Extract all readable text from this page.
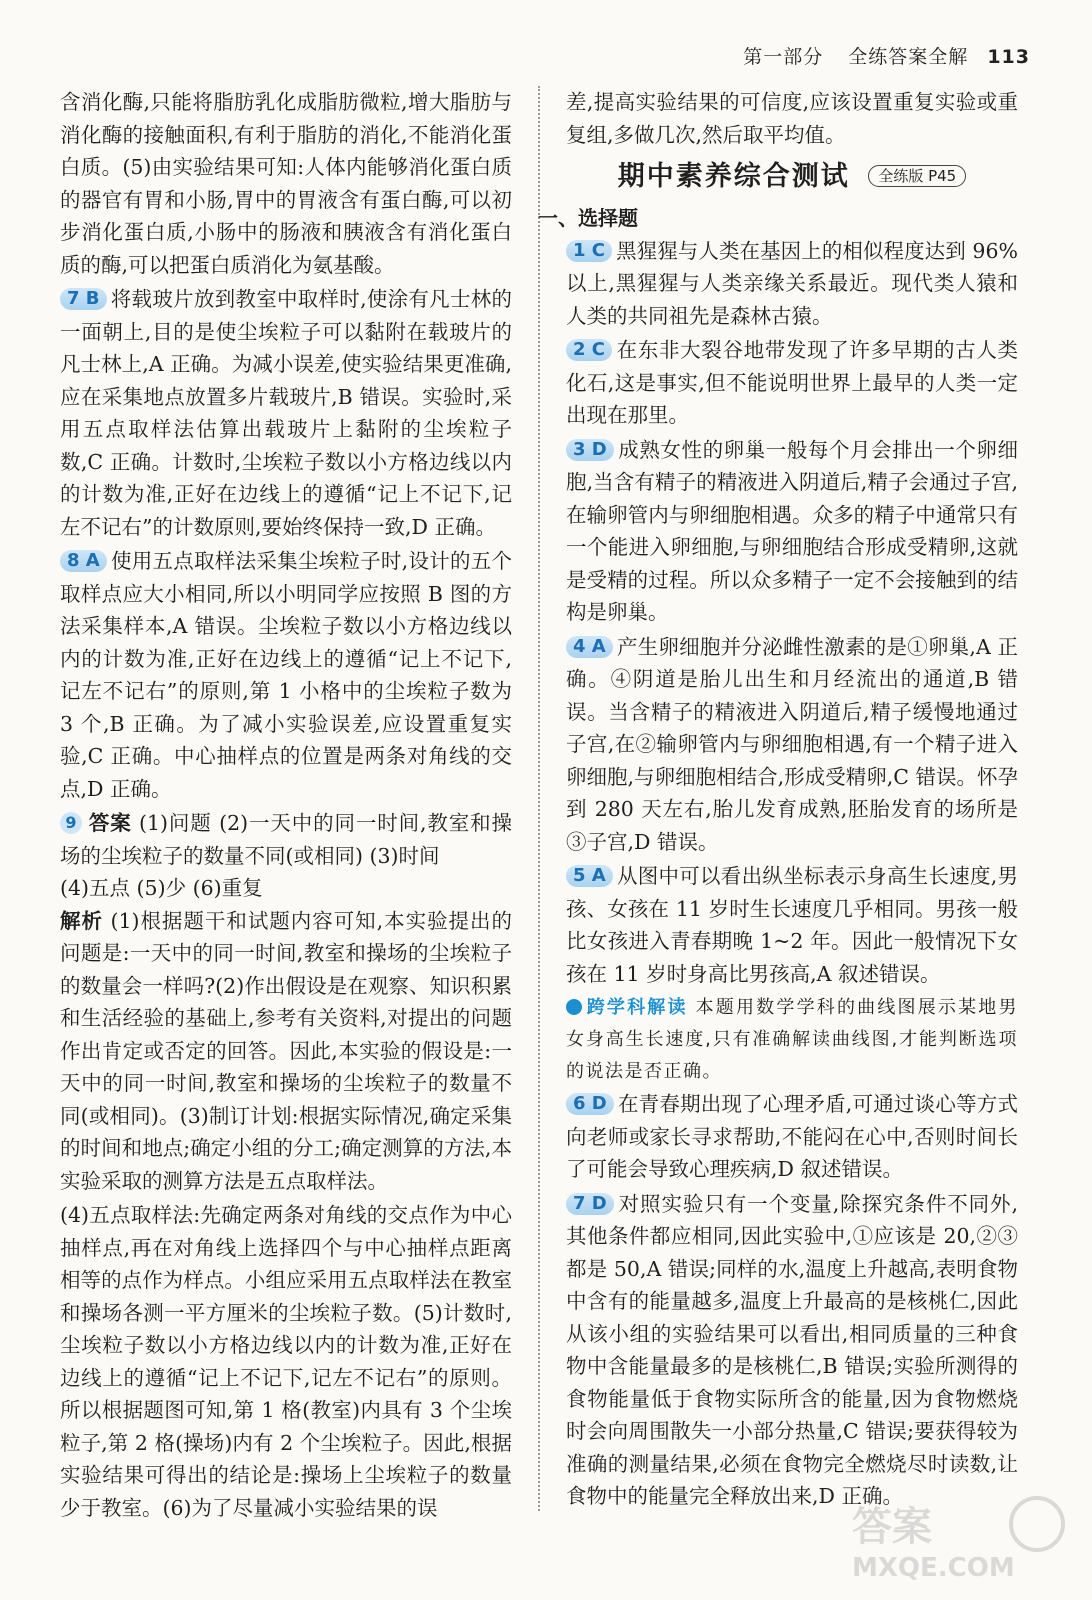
第一部分 全练答案全解 113

含消化酶,只能将脂肪乳化成脂肪微粒,增大脂肪与消化酶的接触面积,有利于脂肪的消化,不能消化蛋白质。(5)由实验结果可知:人体内能够消化蛋白质的器官有胃和小肠,胃中的胃液含有蛋白酶,可以初步消化蛋白质,小肠中的肠液和胰液含有消化蛋白质的酶,可以把蛋白质消化为氨基酸。

7 B 将载玻片放到教室中取样时,使涂有凡士林的一面朝上,目的是使尘埃粒子可以黏附在载玻片的凡士林上,A 正确。为减小误差,使实验结果更准确,应在采集地点放置多片载玻片,B 错误。实验时,采用五点取样法估算出载玻片上黏附的尘埃粒子数,C 正确。计数时,尘埃粒子数以小方格边线以内的计数为准,正好在边线上的遵循“记上不记下,记左不记右”的计数原则,要始终保持一致,D 正确。

8 A 使用五点取样法采集尘埃粒子时,设计的五个取样点应大小相同,所以小明同学应按照 B 图的方法采集样本,A 错误。尘埃粒子数以小方格边线以内的计数为准,正好在边线上的遵循“记上不记下,记左不记右”的原则,第 1 小格中的尘埃粒子数为 3 个,B 正确。为了减小实验误差,应设置重复实验,C 正确。中心抽样点的位置是两条对角线的交点,D 正确。

9 答案 (1)问题 (2)一天中的同一时间,教室和操场的尘埃粒子的数量不同(或相同) (3)时间
(4)五点 (5)少 (6)重复

解析 (1)根据题干和试题内容可知,本实验提出的问题是:一天中的同一时间,教室和操场的尘埃粒子的数量会一样吗?(2)作出假设是在观察、知识积累和生活经验的基础上,参考有关资料,对提出的问题作出肯定或否定的回答。因此,本实验的假设是:一天中的同一时间,教室和操场的尘埃粒子的数量不同(或相同)。(3)制订计划:根据实际情况,确定采集的时间和地点;确定小组的分工;确定测算的方法,本实验采取的测算方法是五点取样法。

(4)五点取样法:先确定两条对角线的交点作为中心抽样点,再在对角线上选择四个与中心抽样点距离相等的点作为样点。小组应采用五点取样法在教室和操场各测一平方厘米的尘埃粒子数。(5)计数时,尘埃粒子数以小方格边线以内的计数为准,正好在边线上的遵循“记上不记下,记左不记右”的原则。所以根据题图可知,第 1 格(教室)内具有 3 个尘埃粒子,第 2 格(操场)内有 2 个尘埃粒子。因此,根据实验结果可得出的结论是:操场上尘埃粒子的数量少于教室。(6)为了尽量减小实验结果的误

差,提高实验结果的可信度,应该设置重复实验或重复组,多做几次,然后取平均值。

期中素养综合测试 全练版 P45
一、选择题

1 C 黑猩猩与人类在基因上的相似程度达到 96%以上,黑猩猩与人类亲缘关系最近。现代类人猿和人类的共同祖先是森林古猿。

2 C 在东非大裂谷地带发现了许多早期的古人类化石,这是事实,但不能说明世界上最早的人类一定出现在那里。

3 D 成熟女性的卵巢一般每个月会排出一个卵细胞,当含有精子的精液进入阴道后,精子会通过子宫,在输卵管内与卵细胞相遇。众多的精子中通常只有一个能进入卵细胞,与卵细胞结合形成受精卵,这就是受精的过程。所以众多精子一定不会接触到的结构是卵巢。

4 A 产生卵细胞并分泌雌性激素的是①卵巢,A 正确。④阴道是胎儿出生和月经流出的通道,B 错误。当含精子的精液进入阴道后,精子缓慢地通过子宫,在②输卵管内与卵细胞相遇,有一个精子进入卵细胞,与卵细胞相结合,形成受精卵,C 错误。怀孕到 280 天左右,胎儿发育成熟,胚胎发育的场所是③子宫,D 错误。

5 A 从图中可以看出纵坐标表示身高生长速度,男孩、女孩在 11 岁时生长速度几乎相同。男孩一般比女孩进入青春期晚 1~2 年。因此一般情况下女孩在 11 岁时身高比男孩高,A 叙述错误。

跨学科解读 本题用数学学科的曲线图展示某地男女身高生长速度,只有准确解读曲线图,才能判断选项的说法是否正确。

6 D 在青春期出现了心理矛盾,可通过谈心等方式向老师或家长寻求帮助,不能闷在心中,否则时间长了可能会导致心理疾病,D 叙述错误。

7 D 对照实验只有一个变量,除探究条件不同外,其他条件都应相同,因此实验中,①应该是 20,②③都是 50,A 错误;同样的水,温度上升越高,表明食物中含有的能量越多,温度上升最高的是核桃仁,因此从该小组的实验结果可以看出,相同质量的三种食物中含能量最多的是核桃仁,B 错误;实验所测得的食物能量低于食物实际所含的能量,因为食物燃烧时会向周围散失一小部分热量,C 错误;要获得较为准确的测量结果,必须在食物完全燃烧尽时读数,让食物中的能量完全释放出来,D 正确。

答案
MXQE.COM
